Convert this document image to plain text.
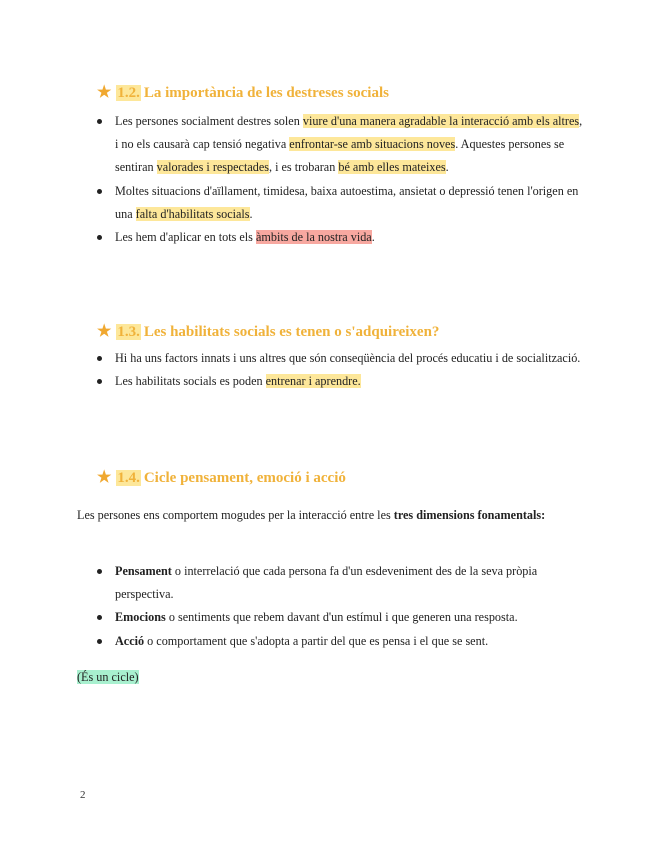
★ 1.2. La importància de les destreses socials
Les persones socialment destres solen viure d'una manera agradable la interacció amb els altres, i no els causarà cap tensió negativa enfrontar-se amb situacions noves. Aquestes persones se sentiran valorades i respectades, i es trobaran bé amb elles mateixes.
Moltes situacions d'aïllament, timidesa, baixa autoestima, ansietat o depressió tenen l'origen en una falta d'habilitats socials.
Les hem d'aplicar en tots els àmbits de la nostra vida.
★ 1.3. Les habilitats socials es tenen o s'adquireixen?
Hi ha uns factors innats i uns altres que són conseqüència del procés educatiu i de socialització.
Les habilitats socials es poden entrenar i aprendre.
★ 1.4. Cicle pensament, emoció i acció

Les persones ens comportem mogudes per la interacció entre les tres dimensions fonamentals:

Pensament o interrelació que cada persona fa d'un esdeveniment des de la seva pròpia perspectiva.
Emocions o sentiments que rebem davant d'un estímul i que generen una resposta.
Acció o comportament que s'adopta a partir del que es pensa i el que se sent.

(És un cicle)

2
